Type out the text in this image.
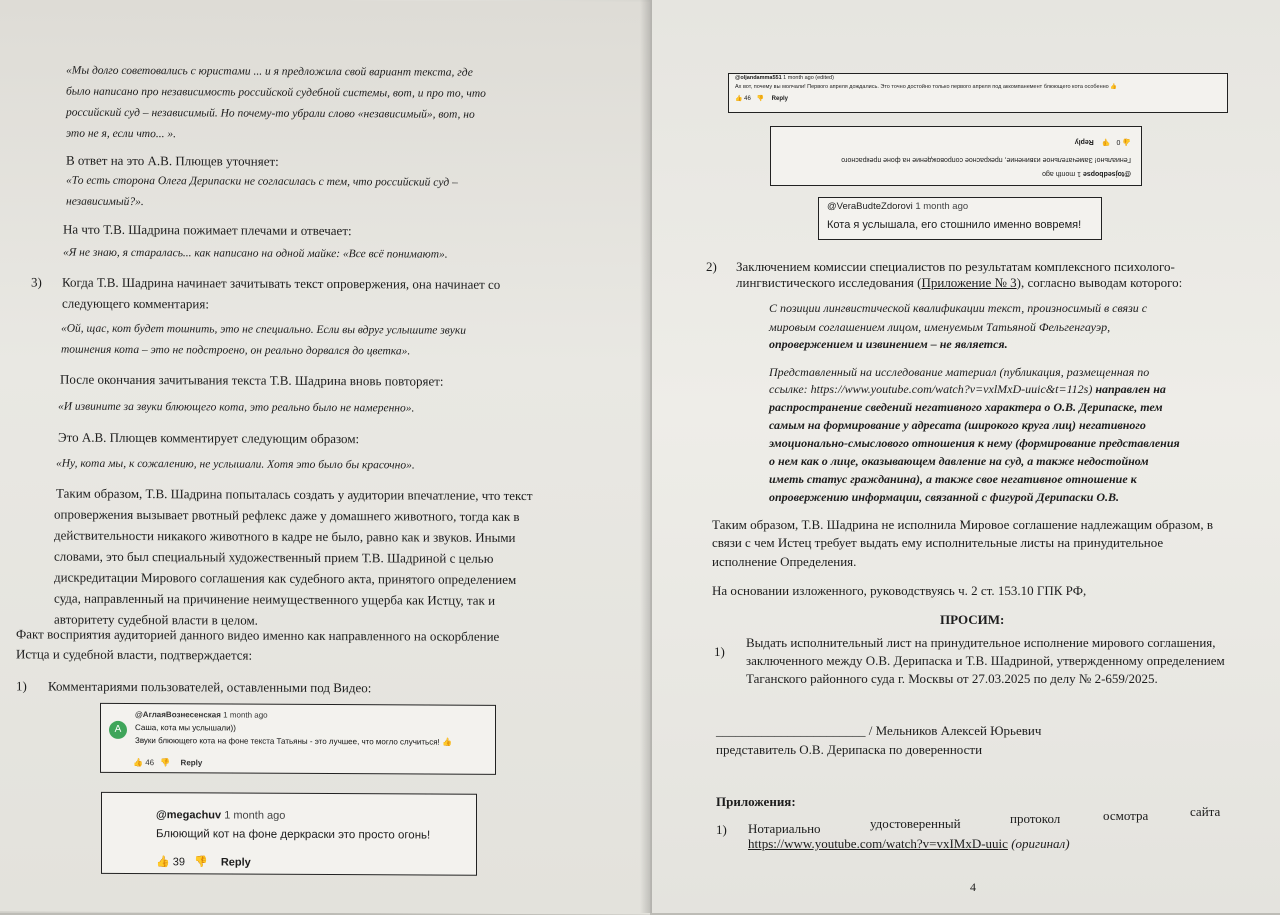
«Мы долго советовались с юристами ... и я предложила свой вариант текста, где
было написано про независимость российской судебной системы, вот, и про то, что
российский суд – независимый. Но почему-то убрали слово «независимый», вот, но
это не я, если что... ».
В ответ на это А.В. Плющев уточняет:
«То есть сторона Олега Дерипаски не согласилась с тем, что российский суд –
независимый?».
На что Т.В. Шадрина пожимает плечами и отвечает:
«Я не знаю, я старалась... как написано на одной майке: «Все всё понимают».
3) Когда Т.В. Шадрина начинает зачитывать текст опровержения, она начинает со
следующего комментария:
«Ой, щас, кот будет тошнить, это не специально. Если вы вдруг услышите звуки
тошнения кота – это не подстроено, он реально дорвался до цветка».
После окончания зачитывания текста Т.В. Шадрина вновь повторяет:
«И извините за звуки блюющего кота, это реально было не намеренно».
Это А.В. Плющев комментирует следующим образом:
«Ну, кота мы, к сожалению, не услышали. Хотя это было бы красочно».
Таким образом, Т.В. Шадрина попыталась создать у аудитории впечатление, что текст
опровержения вызывает рвотный рефлекс даже у домашнего животного, тогда как в
действительности никакого животного в кадре не было, равно как и звуков. Иными
словами, это был специальный художественный прием Т.В. Шадриной с целью
дискредитации Мирового соглашения как судебного акта, принятого определением
суда, направленный на причинение неимущественного ущерба как Истцу, так и
авторитету судебной власти в целом.
Факт восприятия аудиторией данного видео именно как направленного на оскорбление
Истца и судебной власти, подтверждается:
1) Комментариями пользователей, оставленными под Видео:
A
@АглаяВознесенская 1 month ago
Саша, кота мы услышали))
Звуки блюющего кота на фоне текста Татьяны - это лучшее, что могло случиться! 👍
👍 46 👎 Reply
@megachuv 1 month ago
Блюющий кот на фоне деркраски это просто огонь!
👍 39 👎 Reply
@oljandamma551 1 month ago (edited)
Ах вот, почему вы молчали! Первого апреля дождались. Это точно достойно только первого апреля под аккомпанемент блюющего кота особенно 👍
👍 46 👎 Reply
@tojsedbopse 1 month ago
Гениально! Замечательное извинение, прекрасное сопровождение на фоне прекрасного
👍 0 👎 Reply
@VeraBudteZdorovi 1 month ago
Кота я услышала, его стошнило именно вовремя!
2) Заключением комиссии специалистов по результатам комплексного психолого-
лингвистического исследования (Приложение № 3), согласно выводам которого:
С позиции лингвистической квалификации текст, произносимый в связи с
мировым соглашением лицом, именуемым Татьяной Фельгенгауэр,
опровержением и извинением – не является.
Представленный на исследование материал (публикация, размещенная по
ссылке: https://www.youtube.com/watch?v=vxlMxD-uuic&t=112s) направлен на
распространение сведений негативного характера о О.В. Дерипаске, тем
самым на формирование у адресата (широкого круга лиц) негативного
эмоционально-смыслового отношения к нему (формирование представления
о нем как о лице, оказывающем давление на суд, а также недостойном
иметь статус гражданина), а также свое негативное отношение к
опровержению информации, связанной с фигурой Дерипаски О.В.
Таким образом, Т.В. Шадрина не исполнила Мировое соглашение надлежащим образом, в
связи с чем Истец требует выдать ему исполнительные листы на принудительное
исполнение Определения.
На основании изложенного, руководствуясь ч. 2 ст. 153.10 ГПК РФ,
ПРОСИМ:
1)
Выдать исполнительный лист на принудительное исполнение мирового соглашения,
заключенного между О.В. Дерипаска и Т.В. Шадриной, утвержденному определением
Таганского районного суда г. Москвы от 27.03.2025 по делу № 2-659/2025.
_______________________ / Мельников Алексей Юрьевич
представитель О.В. Дерипаска по доверенности
Приложения:
1) Нотариально	удостоверенный	протокол	осмотра	сайта
https://www.youtube.com/watch?v=vxIMxD-uuic (оригинал)
4
